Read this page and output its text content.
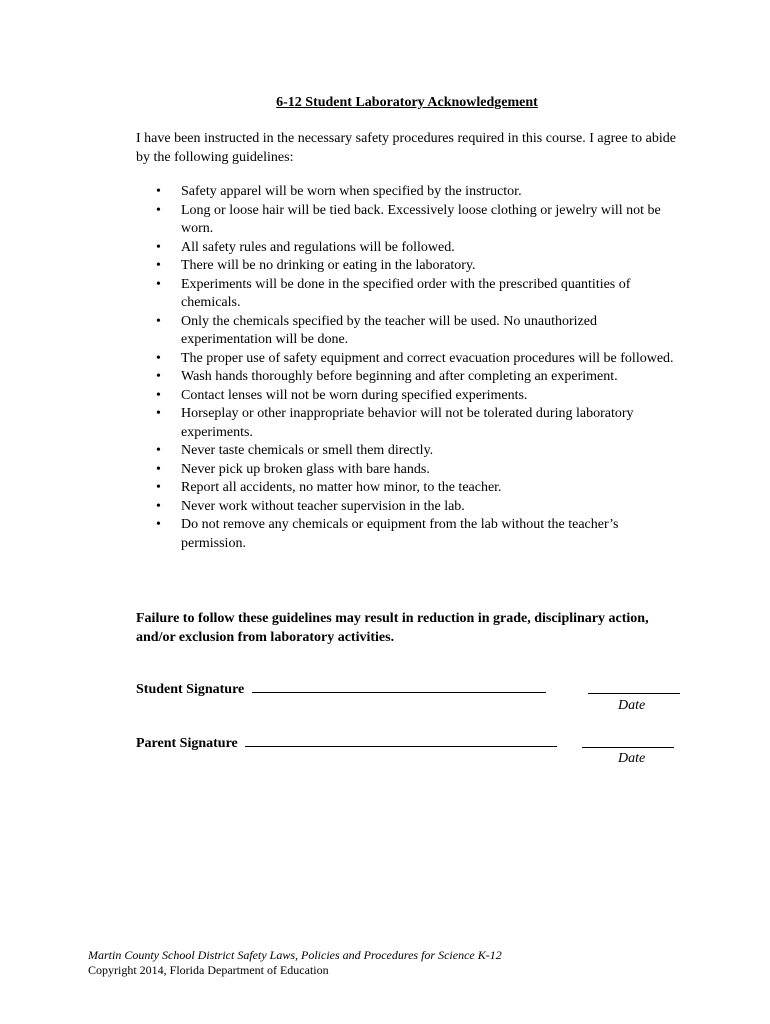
6-12 Student Laboratory Acknowledgement
I have been instructed in the necessary safety procedures required in this course. I agree to abide by the following guidelines:
•	Safety apparel will be worn when specified by the instructor.
•	Long or loose hair will be tied back. Excessively loose clothing or jewelry will not be worn.
•	All safety rules and regulations will be followed.
•	There will be no drinking or eating in the laboratory.
•	Experiments will be done in the specified order with the prescribed quantities of chemicals.
•	Only the chemicals specified by the teacher will be used. No unauthorized experimentation will be done.
•	The proper use of safety equipment and correct evacuation procedures will be followed.
•	Wash hands thoroughly before beginning and after completing an experiment.
•	Contact lenses will not be worn during specified experiments.
•	Horseplay or other inappropriate behavior will not be tolerated during laboratory experiments.
•	Never taste chemicals or smell them directly.
•	Never pick up broken glass with bare hands.
•	Report all accidents, no matter how minor, to the teacher.
•	Never work without teacher supervision in the lab.
•	Do not remove any chemicals or equipment from the lab without the teacher’s permission.
Failure to follow these guidelines may result in reduction in grade, disciplinary action, and/or exclusion from laboratory activities.
Student Signature
Date
Parent Signature
Date
Martin County School District Safety Laws, Policies and Procedures for Science K-12
Copyright 2014, Florida Department of Education
